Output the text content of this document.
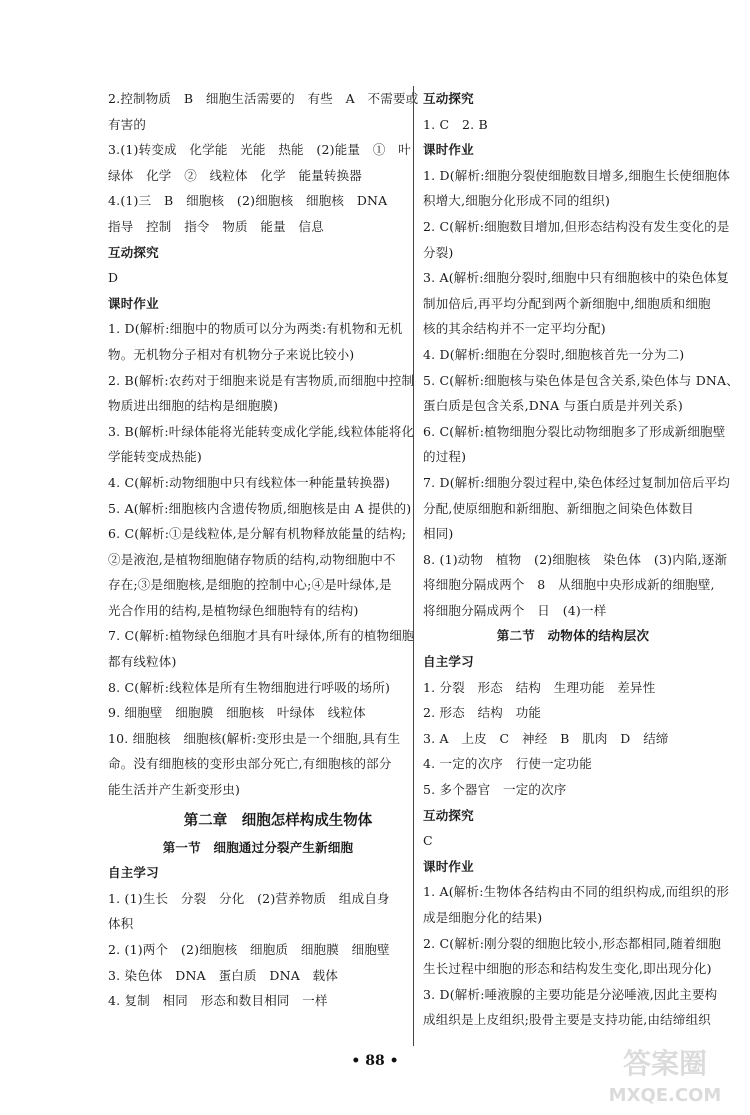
2.控制物质　B　细胞生活需要的　有些　A　不需要或
有害的
3.(1)转变成　化学能　光能　热能　(2)能量　①　叶
绿体　化学　②　线粒体　化学　能量转换器
4.(1)三　B　细胞核　(2)细胞核　细胞核　DNA
指导　控制　指令　物质　能量　信息
互动探究
D
课时作业
1. D(解析:细胞中的物质可以分为两类:有机物和无机
物。无机物分子相对有机物分子来说比较小)
2. B(解析:农药对于细胞来说是有害物质,而细胞中控制
物质进出细胞的结构是细胞膜)
3. B(解析:叶绿体能将光能转变成化学能,线粒体能将化
学能转变成热能)
4. C(解析:动物细胞中只有线粒体一种能量转换器)
5. A(解析:细胞核内含遗传物质,细胞核是由 A 提供的)
6. C(解析:①是线粒体,是分解有机物释放能量的结构;
②是液泡,是植物细胞储存物质的结构,动物细胞中不
存在;③是细胞核,是细胞的控制中心;④是叶绿体,是
光合作用的结构,是植物绿色细胞特有的结构)
7. C(解析:植物绿色细胞才具有叶绿体,所有的植物细胞
都有线粒体)
8. C(解析:线粒体是所有生物细胞进行呼吸的场所)
9. 细胞壁　细胞膜　细胞核　叶绿体　线粒体
10. 细胞核　细胞核(解析:变形虫是一个细胞,具有生
命。没有细胞核的变形虫部分死亡,有细胞核的部分
能生活并产生新变形虫)
第二章　细胞怎样构成生物体
第一节　细胞通过分裂产生新细胞
自主学习
1. (1)生长　分裂　分化　(2)营养物质　组成自身
体积
2. (1)两个　(2)细胞核　细胞质　细胞膜　细胞壁
3. 染色体　DNA　蛋白质　DNA　载体
4. 复制　相同　形态和数目相同　一样
互动探究
1. C　2. B
课时作业
1. D(解析:细胞分裂使细胞数目增多,细胞生长使细胞体
积增大,细胞分化形成不同的组织)
2. C(解析:细胞数目增加,但形态结构没有发生变化的是
分裂)
3. A(解析:细胞分裂时,细胞中只有细胞核中的染色体复
制加倍后,再平均分配到两个新细胞中,细胞质和细胞
核的其余结构并不一定平均分配)
4. D(解析:细胞在分裂时,细胞核首先一分为二)
5. C(解析:细胞核与染色体是包含关系,染色体与 DNA、
蛋白质是包含关系,DNA 与蛋白质是并列关系)
6. C(解析:植物细胞分裂比动物细胞多了形成新细胞壁
的过程)
7. D(解析:细胞分裂过程中,染色体经过复制加倍后平均
分配,使原细胞和新细胞、新细胞之间染色体数目
相同)
8. (1)动物　植物　(2)细胞核　染色体　(3)内陷,逐渐
将细胞分隔成两个　8　从细胞中央形成新的细胞壁,
将细胞分隔成两个　日　(4)一样
第二节　动物体的结构层次
自主学习
1. 分裂　形态　结构　生理功能　差异性
2. 形态　结构　功能
3. A　上皮　C　神经　B　肌肉　D　结缔
4. 一定的次序　行使一定功能
5. 多个器官　一定的次序
互动探究
C
课时作业
1. A(解析:生物体各结构由不同的组织构成,而组织的形
成是细胞分化的结果)
2. C(解析:刚分裂的细胞比较小,形态都相同,随着细胞
生长过程中细胞的形态和结构发生变化,即出现分化)
3. D(解析:唾液腺的主要功能是分泌唾液,因此主要构
成组织是上皮组织;股骨主要是支持功能,由结缔组织
• 88 •	答案圈
MXQE.COM
